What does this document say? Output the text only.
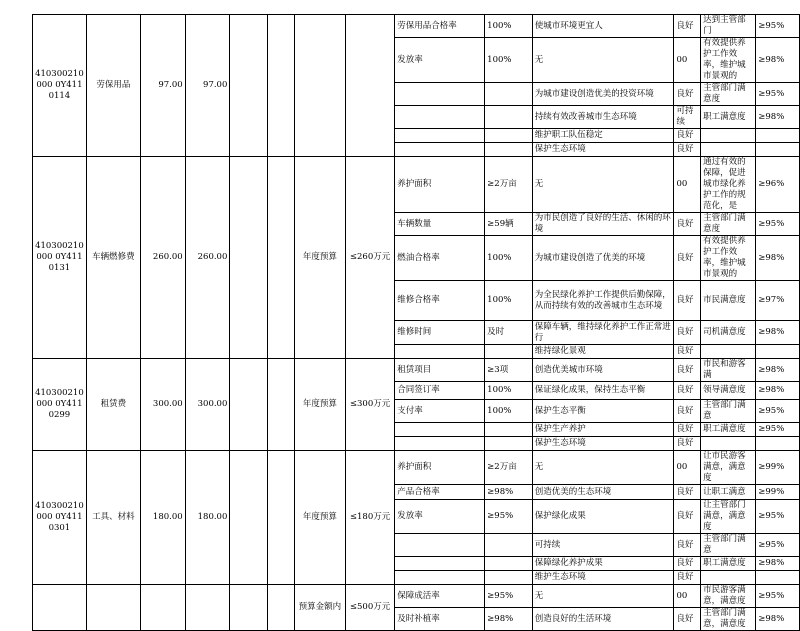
410300210000 0Y4110114	劳保用品	97.00	97.00					劳保用品合格率	100%	使城市环境更宜人	良好	达到主管部门	≥95%
								发放率	100%	无	00	有效提供养护工作效率，维护城市景观的	≥98%
										为城市建设创造优美的投资环境	良好	主管部门满意度	≥95%
										持续有效改善城市生态环境	可持续	职工满意度	≥98%
										维护职工队伍稳定	良好		
										保护生态环境	良好		
410300210000 0Y4110131	车辆燃修费	260.00	260.00			年度预算	≤260万元	养护面积	≥2万亩	无	00	通过有效的保障，促进城市绿化养护工作的规范化，是	≥96%
								车辆数量	≥59辆	为市民创造了良好的生活、休闲的环境	良好	主管部门满意度	≥95%
								燃油合格率	100%	为城市建设创造了优美的环境	良好	有效提供养护工作效率，维护城市景观的	≥98%
								维修合格率	100%	为全民绿化养护工作提供后勤保障，从而持续有效的改善城市生态环境	良好	市民满意度	≥97%
								维修时间	及时	保障车辆，维持绿化养护工作正常进行	良好	司机满意度	≥98%
										维持绿化景观	良好		
410300210000 0Y4110299	租赁费	300.00	300.00			年度预算	≤300万元	租赁项目	≥3项	创造优美城市环境	良好	市民和游客满	≥98%
								合同签订率	100%	保证绿化成果，保持生态平衡	良好	领导满意度	≥98%
								支付率	100%	保护生态平衡	良好	主管部门满意	≥95%
										保护生产养护	良好	职工满意度	≥95%
										保护生态环境	良好		
410300210000 0Y4110301	工具、材料	180.00	180.00			年度预算	≤180万元	养护面积	≥2万亩	无	00	让市民游客满意，满意度	≥99%
								产品合格率	≥98%	创造优美的生态环境	良好	让职工满意	≥99%
								发放率	≥95%	保护绿化成果	良好	让主管部门满意，满意度	≥95%
										可持续	良好	主管部门满意	≥95%
										保障绿化养护成果	良好	职工满意度	≥98%
										维护生态环境	良好		
						预算金额内	≤500万元	保障成活率	≥95%	无	00	市民游客满意，满意度	≥95%
								及时补植率	≥98%	创造良好的生活环境	良好	主管部门满意，满意度	≥98%
